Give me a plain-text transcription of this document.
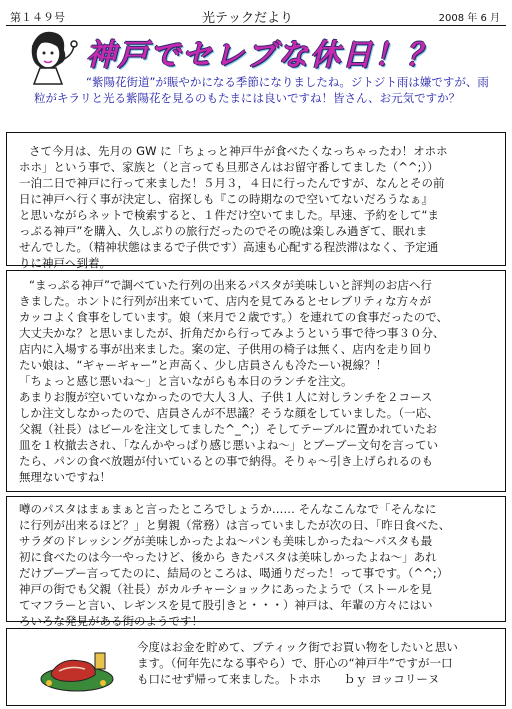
第１４９号	光テックだより	2008 年 6 月
神戸でセレブな休日！？
“紫陽花街道”が賑やかになる季節になりましたね。ジトジト雨は嫌ですが、雨粒がキラリと光る紫陽花を見るのもたまには良いですね！皆さん、お元気ですか？

さて今月は、先月の GW に「ちょっと神戸牛が食べたくなっちゃったわ！オホホ

ホホ」という事で、家族と（と言っても旦那さんはお留守番してました（^^;））

一泊二日で神戸に行って来ました！５月３，４日に行ったんですが、なんとその前

日に神戸へ行く事が決定し、宿探しも『この時期なので空いてないだろうなぁ』

と思いながらネットで検索すると、１件だけ空いてました。早速、予約をして“ま

っぷる神戸”を購入、久しぶりの旅行だったのでその晩は楽しみ過ぎて、眠れま

せんでした。（精神状態はまるで子供です）高速も心配する程渋滞はなく、予定通

りに神戸へ到着。

“まっぷる神戸”で調べていた行列の出来るパスタが美味しいと評判のお店へ行

きました。ホントに行列が出来ていて、店内を見てみるとセレブリティな方々が

カッコよく食事をしています。娘（来月で２歳です。）を連れての食事だったので、

大丈夫かな？と思いましたが、折角だから行ってみようという事で待つ事３０分、

店内に入場する事が出来ました。案の定、子供用の椅子は無く、店内を走り回り

たい娘は、“ギャーギャー”と声高く、少し店員さんも冷たーい視線？！

「ちょっと感じ悪いね～」と言いながらも本日のランチを注文。

あまりお腹が空いていなかったので大人３人、子供１人に対しランチを２コース

しか注文しなかったので、店員さんが不思議？そうな顔をしていました。（一応、

父親（社長）はビールを注文してました^_^;）そしてテーブルに置かれていたお

皿を１枚撤去され、「なんかやっぱり感じ悪いよね～」とブーブー文句を言ってい

たら、パンの食べ放題が付いているとの事で納得。そりゃ～引き上げられるのも

無理ないですね！

噂のパスタはまぁまぁと言ったところでしょうか…… そんなこんなで「そんなに

に行列が出来るほど？」と舅親（常務）は言っていましたが次の日、「昨日食べた、

サラダのドレッシングが美味しかったよね～パンも美味しかったね～パスタも最

初に食べたのは今一やったけど、後から きたパスタは美味しかったよね～」あれ

だけブーブー言ってたのに、結局のところは、喝通りだった！って事です。（^^;）

神戸の街でも父親（社長）がカルチャーショックにあったようで（ストールを見

てマフラーと言い、レギンスを見て股引きと・・・）神戸は、年輩の方々にはい

ろいろな発見がある街のようです！

今度はお金を貯めて、ブティック街でお買い物をしたいと思い

ます。（何年先になる事やら）で、肝心の“神戸牛”ですが一口

も口にせず帰って来ました。トホホ　　ｂｙ ヨッコリーヌ
